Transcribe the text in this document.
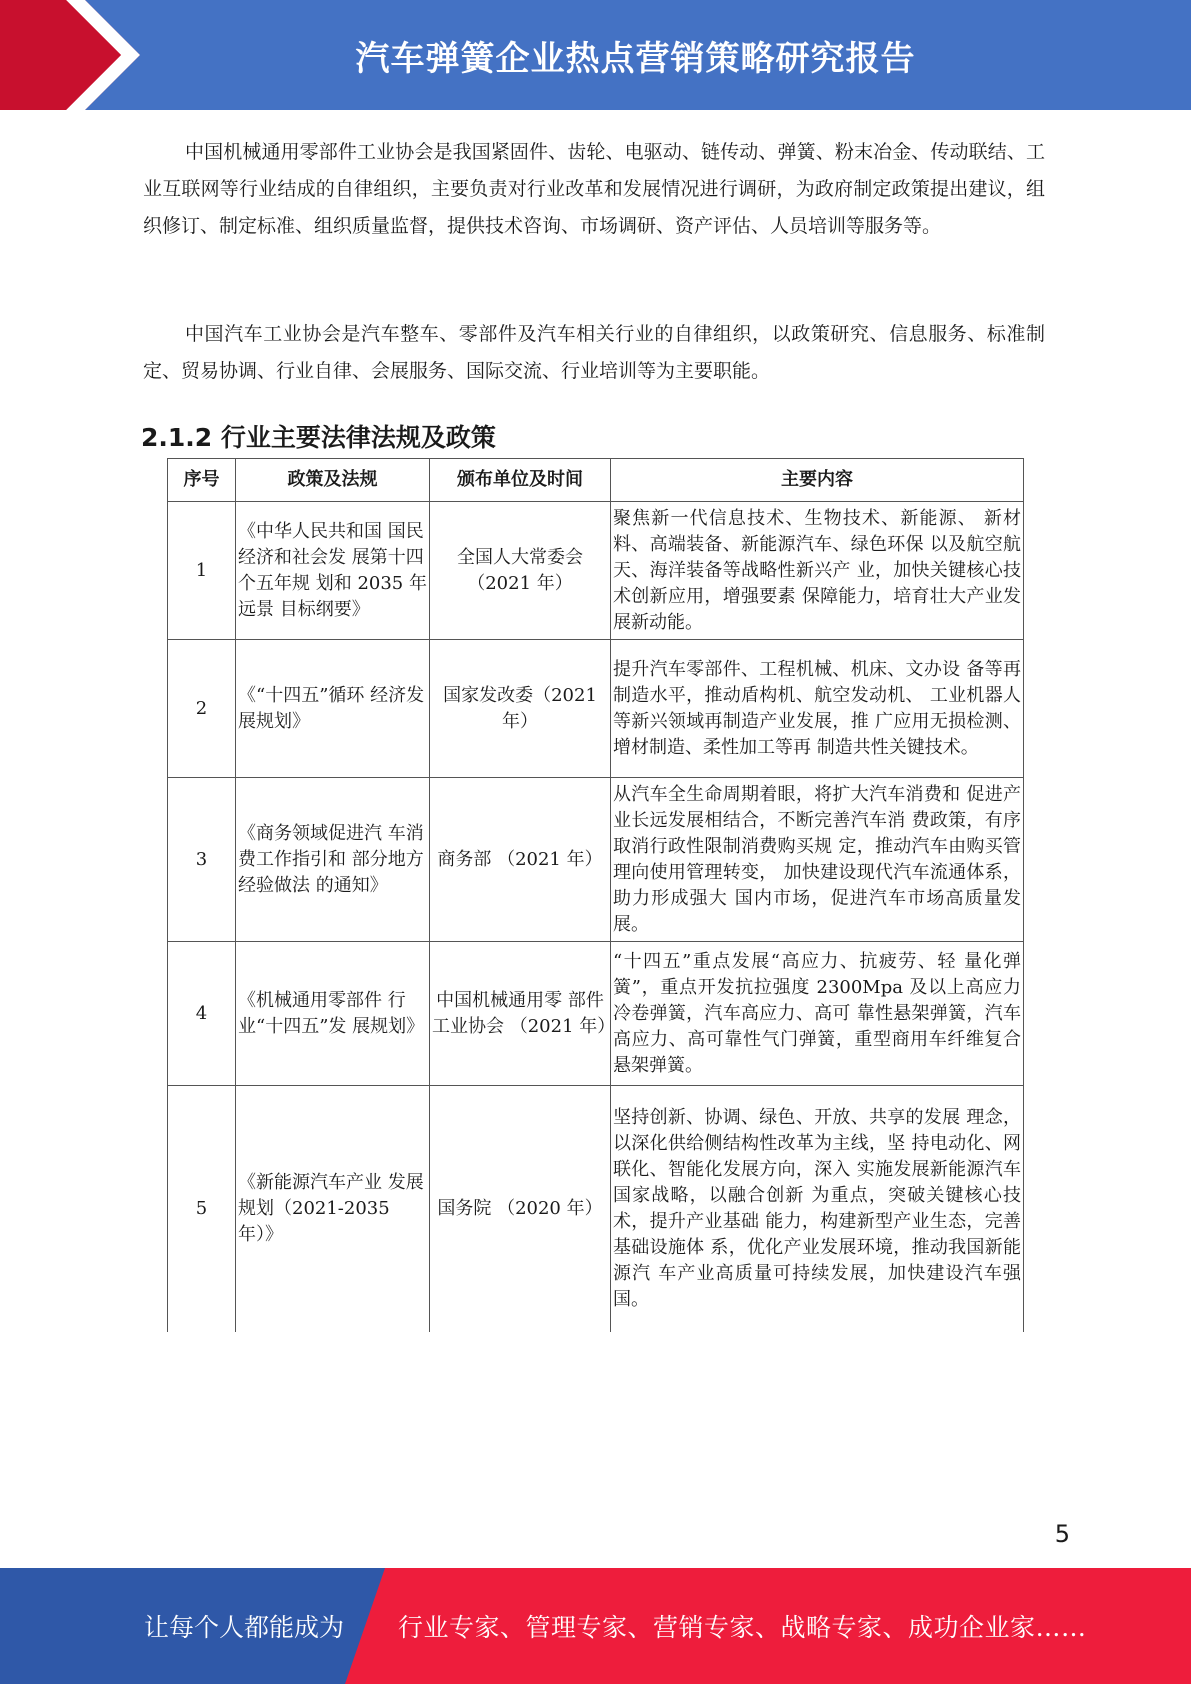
汽车弹簧企业热点营销策略研究报告

中国机械通用零部件工业协会是我国紧固件、齿轮、电驱动、链传动、弹簧、粉末冶金、传动联结、工业互联网等行业结成的自律组织，主要负责对行业改革和发展情况进行调研，为政府制定政策提出建议，组织修订、制定标准、组织质量监督，提供技术咨询、市场调研、资产评估、人员培训等服务等。

中国汽车工业协会是汽车整车、零部件及汽车相关行业的自律组织，以政策研究、信息服务、标准制定、贸易协调、行业自律、会展服务、国际交流、行业培训等为主要职能。

2.1.2 行业主要法律法规及政策
序号	政策及法规	颁布单位及时间	主要内容
1	《中华人民共和国 国民经济和社会发 展第十四个五年规 划和 2035 年远景 目标纲要》	全国人大常委会（2021 年）	聚焦新一代信息技术、生物技术、新能源、 新材料、高端装备、新能源汽车、绿色环保 以及航空航天、海洋装备等战略性新兴产 业，加快关键核心技术创新应用，增强要素 保障能力，培育壮大产业发展新动能。
2	《“十四五”循环 经济发展规划》	国家发改委（2021 年）	提升汽车零部件、工程机械、机床、文办设 备等再制造水平，推动盾构机、航空发动机、 工业机器人等新兴领域再制造产业发展，推 广应用无损检测、增材制造、柔性加工等再 制造共性关键技术。
3	《商务领域促进汽 车消费工作指引和 部分地方经验做法 的通知》	商务部 （2021 年）	从汽车全生命周期着眼，将扩大汽车消费和 促进产业长远发展相结合，不断完善汽车消 费政策，有序取消行政性限制消费购买规 定，推动汽车由购买管理向使用管理转变， 加快建设现代汽车流通体系，助力形成强大 国内市场，促进汽车市场高质量发展。
4	《机械通用零部件 行业“十四五”发 展规划》	中国机械通用零 部件工业协会 （2021 年）	“十四五”重点发展“高应力、抗疲劳、轻 量化弹簧”，重点开发抗拉强度 2300Mpa 及以上高应力冷卷弹簧，汽车高应力、高可 靠性悬架弹簧，汽车高应力、高可靠性气门弹簧，重型商用车纤维复合悬架弹簧。
5	《新能源汽车产业 发展规划（2021-2035 年）》	国务院 （2020 年）	坚持创新、协调、绿色、开放、共享的发展 理念，以深化供给侧结构性改革为主线，坚 持电动化、网联化、智能化发展方向，深入 实施发展新能源汽车国家战略，以融合创新 为重点，突破关键核心技术，提升产业基础 能力，构建新型产业生态，完善基础设施体 系，优化产业发展环境，推动我国新能源汽 车产业高质量可持续发展，加快建设汽车强 国。
5
让每个人都能成为 行业专家、管理专家、营销专家、战略专家、成功企业家……
